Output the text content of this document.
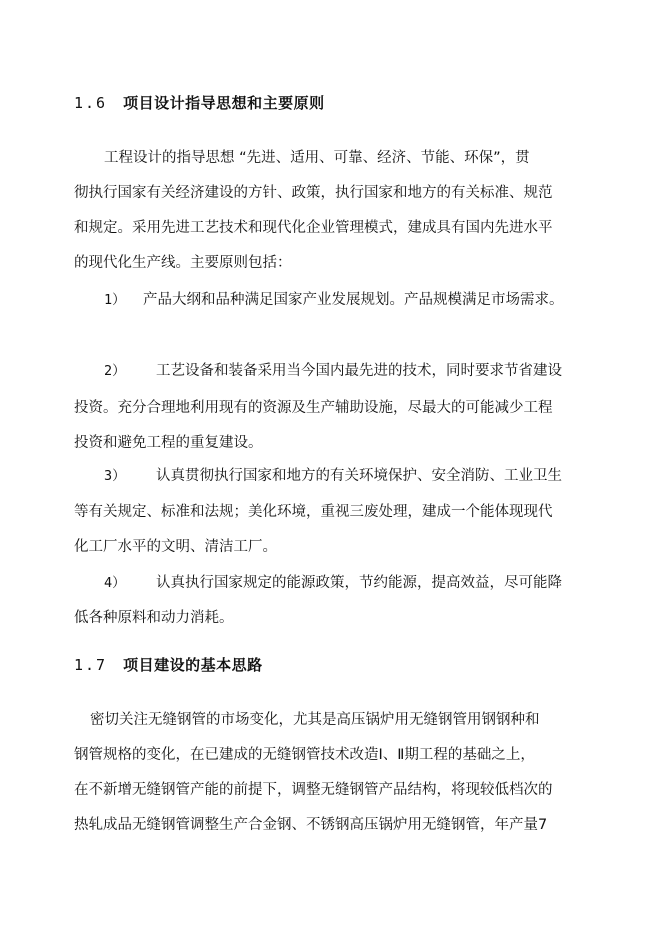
1.6 项目设计指导思想和主要原则
工程设计的指导思想 “先进、适用、可靠、经济、节能、环保”，贯
彻执行国家有关经济建设的方针、政策，执行国家和地方的有关标准、规范
和规定。采用先进工艺技术和现代化企业管理模式，建成具有国内先进水平
的现代化生产线。主要原则包括：
1） 产品大纲和品种满足国家产业发展规划。产品规模满足市场需求。
2） 工艺设备和装备采用当今国内最先进的技术，同时要求节省建设
投资。充分合理地利用现有的资源及生产辅助设施，尽最大的可能减少工程
投资和避免工程的重复建设。
3） 认真贯彻执行国家和地方的有关环境保护、安全消防、工业卫生
等有关规定、标准和法规；美化环境，重视三废处理，建成一个能体现现代
化工厂水平的文明、清洁工厂。
4） 认真执行国家规定的能源政策，节约能源，提高效益，尽可能降
低各种原料和动力消耗。
1.7 项目建设的基本思路
密切关注无缝钢管的市场变化，尤其是高压锅炉用无缝钢管用钢钢种和
钢管规格的变化，在已建成的无缝钢管技术改造Ⅰ、Ⅱ期工程的基础之上，
在不新增无缝钢管产能的前提下，调整无缝钢管产品结构，将现较低档次的
热轧成品无缝钢管调整生产合金钢、不锈钢高压锅炉用无缝钢管，年产量7
